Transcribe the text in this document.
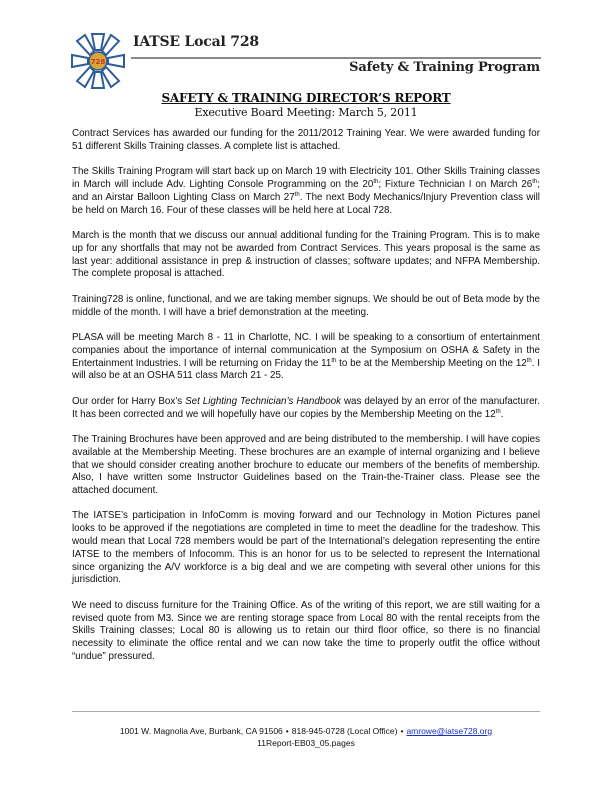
728
IATSE Local 728
Safety & Training Program
SAFETY & TRAINING DIRECTOR’S REPORT
Executive Board Meeting: March 5, 2011

Contract Services has awarded our funding for the 2011/2012 Training Year. We were awarded funding for 51 different Skills Training classes. A complete list is attached.

The Skills Training Program will start back up on March 19 with Electricity 101. Other Skills Training classes in March will include Adv. Lighting Console Programming on the 20th; Fixture Technician I on March 26th; and an Airstar Balloon Lighting Class on March 27th. The next Body Mechanics/Injury Prevention class will be held on March 16. Four of these classes will be held here at Local 728.

March is the month that we discuss our annual additional funding for the Training Program. This is to make up for any shortfalls that may not be awarded from Contract Services. This years proposal is the same as last year: additional assistance in prep & instruction of classes; software updates; and NFPA Membership. The complete proposal is attached.

Training728 is online, functional, and we are taking member signups. We should be out of Beta mode by the middle of the month. I will have a brief demonstration at the meeting.

PLASA will be meeting March 8 - 11 in Charlotte, NC. I will be speaking to a consortium of entertainment companies about the importance of internal communication at the Symposium on OSHA & Safety in the Entertainment Industries. I will be returning on Friday the 11th to be at the Membership Meeting on the 12th. I will also be at an OSHA 511 class March 21 - 25.

Our order for Harry Box’s Set Lighting Technician’s Handbook was delayed by an error of the manufacturer. It has been corrected and we will hopefully have our copies by the Membership Meeting on the 12th.

The Training Brochures have been approved and are being distributed to the membership. I will have copies available at the Membership Meeting. These brochures are an example of internal organizing and I believe that we should consider creating another brochure to educate our members of the benefits of membership. Also, I have written some Instructor Guidelines based on the Train-the-Trainer class. Please see the attached document.

The IATSE’s participation in InfoComm is moving forward and our Technology in Motion Pictures panel looks to be approved if the negotiations are completed in time to meet the deadline for the tradeshow. This would mean that Local 728 members would be part of the International’s delegation representing the entire IATSE to the members of Infocomm. This is an honor for us to be selected to represent the International since organizing the A/V workforce is a big deal and we are competing with several other unions for this jurisdiction.

We need to discuss furniture for the Training Office. As of the writing of this report, we are still waiting for a revised quote from M3. Since we are renting storage space from Local 80 with the rental receipts from the Skills Training classes; Local 80 is allowing us to retain our third floor office, so there is no financial necessity to eliminate the office rental and we can now take the time to properly outfit the office without “undue” pressured.

1001 W. Magnolia Ave, Burbank, CA 91506 • 818-945-0728 (Local Office) • amrowe@iatse728.org
11Report-EB03_05.pages
